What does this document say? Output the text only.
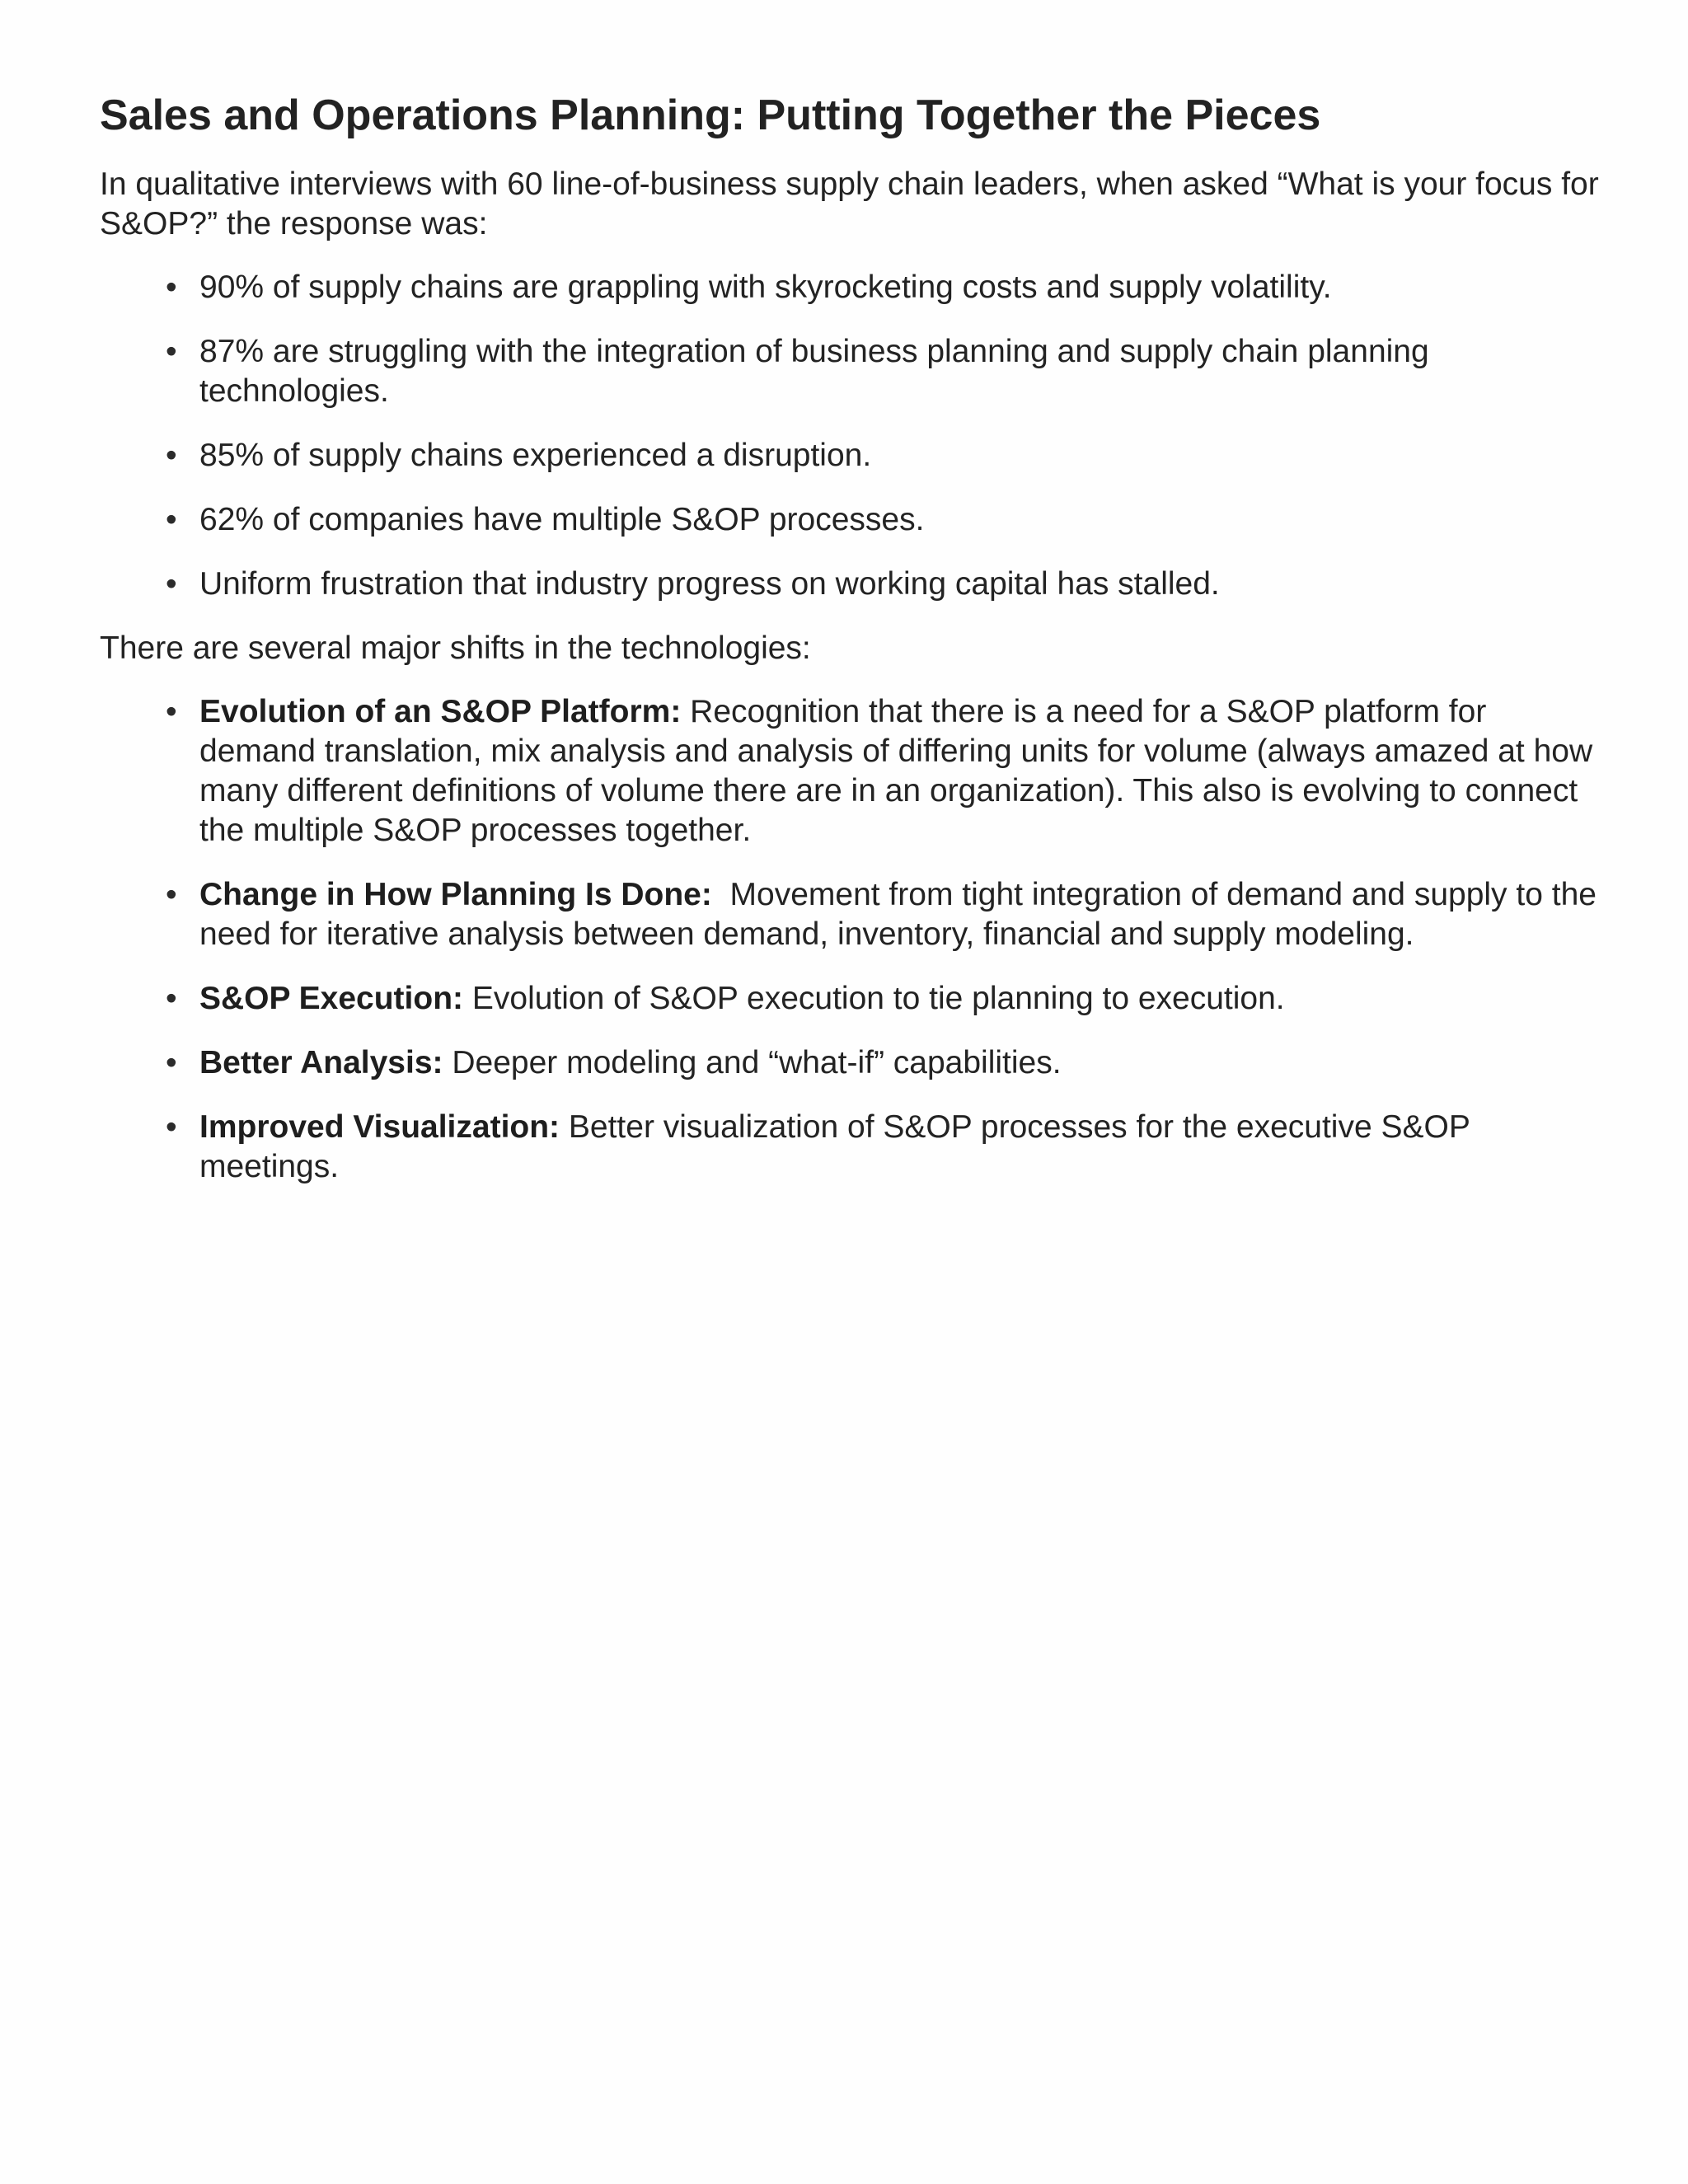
Sales and Operations Planning: Putting Together the Pieces

In qualitative interviews with 60 line-of-business supply chain leaders, when asked “What is your focus for S&OP?” the response was:

• 90% of supply chains are grappling with skyrocketing costs and supply volatility.
• 87% are struggling with the integration of business planning and supply chain planning technologies.
• 85% of supply chains experienced a disruption.
• 62% of companies have multiple S&OP processes.
• Uniform frustration that industry progress on working capital has stalled.

There are several major shifts in the technologies:

• Evolution of an S&OP Platform: Recognition that there is a need for a S&OP platform for demand translation, mix analysis and analysis of differing units for volume (always amazed at how many different definitions of volume there are in an organization). This also is evolving to connect the multiple S&OP processes together.
• Change in How Planning Is Done:  Movement from tight integration of demand and supply to the need for iterative analysis between demand, inventory, financial and supply modeling.
• S&OP Execution: Evolution of S&OP execution to tie planning to execution.
• Better Analysis: Deeper modeling and “what-if” capabilities.
• Improved Visualization: Better visualization of S&OP processes for the executive S&OP meetings.
